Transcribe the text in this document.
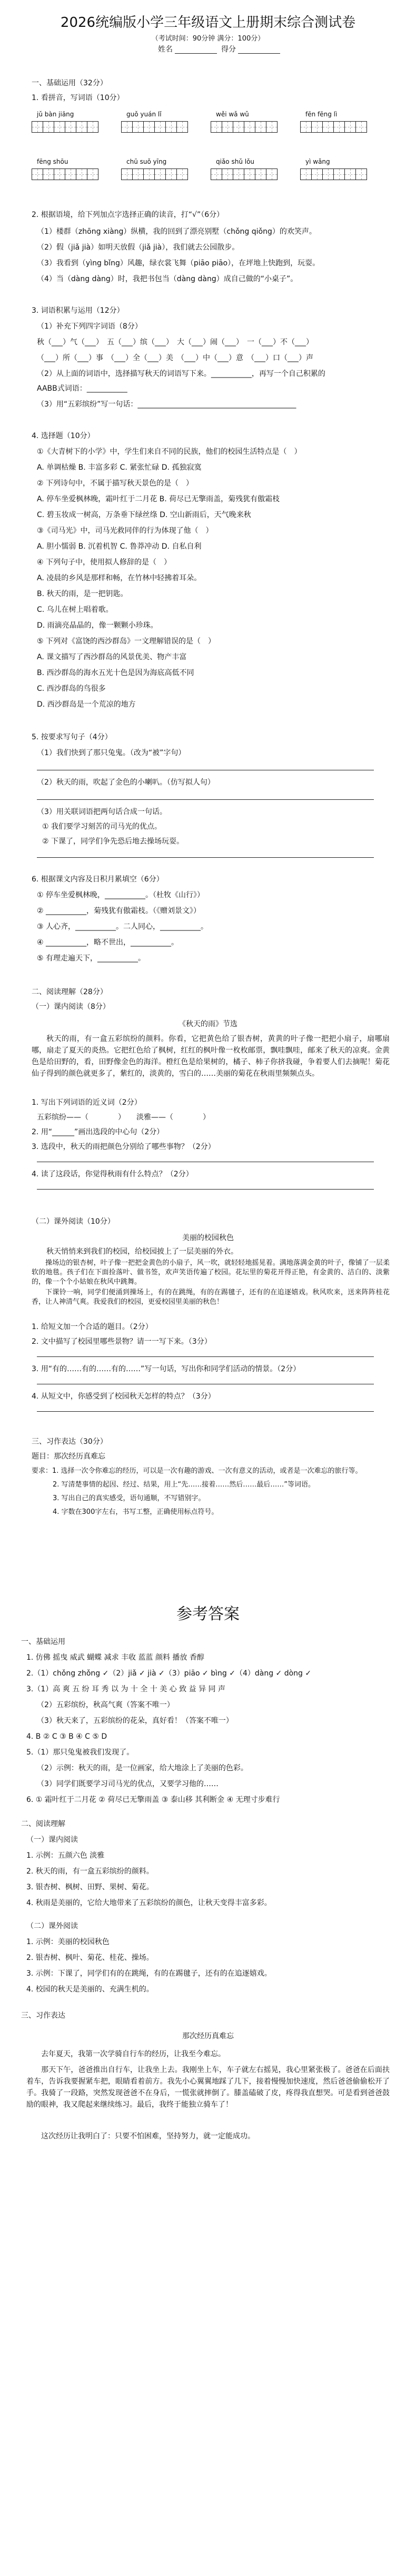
2026统编版小学三年级语文上册期末综合测试卷
（考试时间：90分钟 满分：100分）
姓名	得分
一、基础运用（32分）
1. 看拼音，写词语（10分）
jǔ bàn jiāng	guǒ yuán lǐ	wěi wǎ wǔ	fēn fēng lì
fēng shōu	chū suǒ yīng	qiǎo shǔ lǒu	yì wǎng
2. 根据语境，给下列加点字选择正确的读音，打“√”（6分）
（1）楼群（zhōng xiàng）纵横，我的回到了漂亮别墅（chǒng qiǒng）的欢笑声。
（2）假（jiǎ jià）如明天放假（jiǎ jià），我们就去公园散步。
（3）我看到（yìng bǐng）风趣，绿衣裳飞舞（piāo piāo），在坪地上快跑到，玩耍。
（4）当（dàng dàng）时，我把书包当（dàng dàng）成自己做的“小桌子”。
3. 词语积累与运用（12分）
（1）补充下列四字词语（8分）
秋（___）气（___）　五（___）缤（___）　大（___）闹（___）　一（___）不（___）
（___）所（___）事　（___）全（___）美　（___）中（___）意　（___）口（___）声
（2）从上面的词语中，选择描写秋天的词语写下来。___________，再写一个自己积累的
AABB式词语：___________
（3）用“五彩缤纷”写一句话：___________________________________________
4. 选择题（10分）
①《大青树下的小学》中，学生们来自不同的民族，他们的校园生活特点是（　）
A. 单调枯燥 B. 丰富多彩 C. 紧张忙碌 D. 孤独寂寞
② 下列诗句中，不属于描写秋天景色的是（　）
A. 停车坐爱枫林晚，霜叶红于二月花 B. 荷尽已无擎雨盖，菊残犹有傲霜枝
C. 碧玉妆成一树高，万条垂下绿丝绦 D. 空山新雨后，天气晚来秋
③《司马光》中，司马光救同伴的行为体现了他（　）
A. 胆小懦弱 B. 沉着机智 C. 鲁莽冲动 D. 自私自利
④ 下列句子中，使用拟人修辞的是（　）
A. 凌晨的乡风是那样和畅，在竹林中轻拂着耳朵。
B. 秋天的雨，是一把钥匙。
C. 乌儿在树上唱着歌。
D. 雨滴亮晶晶的，像一颗颗小珍珠。
⑤ 下列对《富饶的西沙群岛》一文理解错误的是（　）
A. 课文描写了西沙群岛的风景优美、物产丰富
B. 西沙群岛的海水五光十色是因为海底高低不同
C. 西沙群岛的鸟很多
D. 西沙群岛是一个荒凉的地方
5. 按要求写句子（4分）
（1）我们快到了那只兔鬼。（改为“被”字句）
（2）秋天的雨，吹起了金色的小喇叭。（仿写拟人句）
（3）用关联词语把两句话合成一句话。
① 我们要学习刻苦的司马光的优点。
② 下课了，同学们争先恐后地去操场玩耍。
6. 根据课文内容及日积月累填空（6分）
① 停车坐爱枫林晚，___________。（杜牧《山行》）
② ___________，菊残犹有傲霜枝。（《赠刘景文》）
③ 人心齐，___________。二人同心，___________。
④ ___________，略不世出，___________。
⑤ 有理走遍天下，___________。
二、阅读理解（28分）
（一）课内阅读（8分）
《秋天的雨》节选
秋天的雨，有一盒五彩缤纷的颜料。你看，它把黄色给了银杏树，黄黄的叶子像一把把小扇子，扇哪扇哪，扇走了夏天的炎热。它把红色给了枫树，红红的枫叶像一枚枚邮票，飘哇飘哇，邮来了秋天的凉爽。金黄色是给田野的，看，田野像金色的海洋。橙红色是给果树的，橘子、柿子你挤我碰，争着要人们去摘呢！菊花仙子得到的颜色就更多了，紫红的，淡黄的，雪白的……美丽的菊花在秋雨里频频点头。
1. 写出下列词语的近义词（2分）
五彩缤纷——（　　　　）　　淡雅——（　　　　）
2. 用“______”画出选段的中心句（2分）
3. 选段中，秋天的雨把颜色分别给了哪些事物？（2分）
4. 读了这段话，你觉得秋雨有什么特点？（2分）
（二）课外阅读（10分）
美丽的校园秋色
秋天悄悄来到我们的校园，给校园披上了一层美丽的外衣。
操场边的银杏树，叶子像一把把金黄色的小扇子，风一吹，就轻轻地摇晃着。满地落满金黄的叶子，像铺了一层柔软的地毯。孩子们在下面捡落叶、做书签，欢声笑语传遍了校园。花坛里的菊花开得正艳，有金黄的、洁白的、淡紫的，像一个个小姑娘在秋风中跳舞。
下课铃一响，同学们便涌到操场上，有的在跳绳，有的在踢毽子，还有的在追逐嬉戏。秋风吹来，送来阵阵桂花香，让人神清气爽。我爱我们的校园，更爱校园里美丽的秋色！
1. 给短文加一个合适的题目。（2分）
2. 文中描写了校园里哪些景物？请一一写下来。（3分）
3. 用“有的……有的……有的……”写一句话，写出你和同学们活动的情景。（2分）
4. 从短文中，你感受到了校园秋天怎样的特点？（3分）
三、习作表达（30分）
题目：那次经历真难忘
要求：1. 选择一次令你难忘的经历，可以是一次有趣的游戏、一次有意义的活动，或者是一次难忘的旅行等。
2. 写清楚事情的起因、经过、结果，用上“先……接着……然后……最后……”等词语。
3. 写出自己的真实感受，语句通顺，不写错别字。
4. 字数在300字左右，书写工整，正确使用标点符号。
参考答案
一、基础运用
1. 仿佛 摇曳 威武 蝴蝶 减求 丰收 蓝蓝 颜料 播放 香醇
2.（1）chǒng zhǒng ✓（2）jiǎ ✓ jià ✓（3）piāo ✓ bìng ✓（4）dàng ✓ dòng ✓
3.（1）高 爽 五 纷 耳 秀 以 为 十 全 十 美 心 致 益 异 同 声
（2）五彩缤纷，秋高气爽（答案不唯一）
（3）秋天来了，五彩缤纷的花朵，真好看！（答案不唯一）
4. B ② C ③ B ④ C ⑤ D
5.（1）那只兔鬼被我们发现了。
（2）示例：秋天的雨，是一位画家，给大地涂上了美丽的色彩。
（3）同学们既要学习司马光的优点，又要学习他的……
6. ① 霜叶红于二月花 ② 荷尽已无擎雨盖 ③ 泰山移 其利断金 ④ 无理寸步难行
二、阅读理解
（一）课内阅读
1. 示例：五颜六色 淡雅
2. 秋天的雨，有一盒五彩缤纷的颜料。
3. 银杏树、枫树、田野、果树、菊花。
4. 秋雨是美丽的，它给大地带来了五彩缤纷的颜色，让秋天变得丰富多彩。
（二）课外阅读
1. 示例：美丽的校园秋色
2. 银杏树、枫叶、菊花、桂花、操场。
3. 示例：下课了，同学们有的在跳绳，有的在踢毽子，还有的在追逐嬉戏。
4. 校园的秋天是美丽的、充满生机的。
三、习作表达
那次经历真难忘
去年夏天，我第一次学骑自行车的经历，让我至今难忘。
那天下午，爸爸推出自行车，让我坐上去。我刚坐上车，车子就左右摇晃，我心里紧张极了。爸爸在后面扶着车，告诉我要握紧车把，眼睛看着前方。我先小心翼翼地踩了几下，接着慢慢加快速度，然后爸爸偷偷松开了手。我骑了一段路，突然发现爸爸不在身后，一慌张就摔倒了。膝盖磕破了皮，疼得我直想哭。可是看到爸爸鼓励的眼神，我又爬起来继续练习。最后，我终于能独立骑车了！
这次经历让我明白了：只要不怕困难，坚持努力，就一定能成功。
